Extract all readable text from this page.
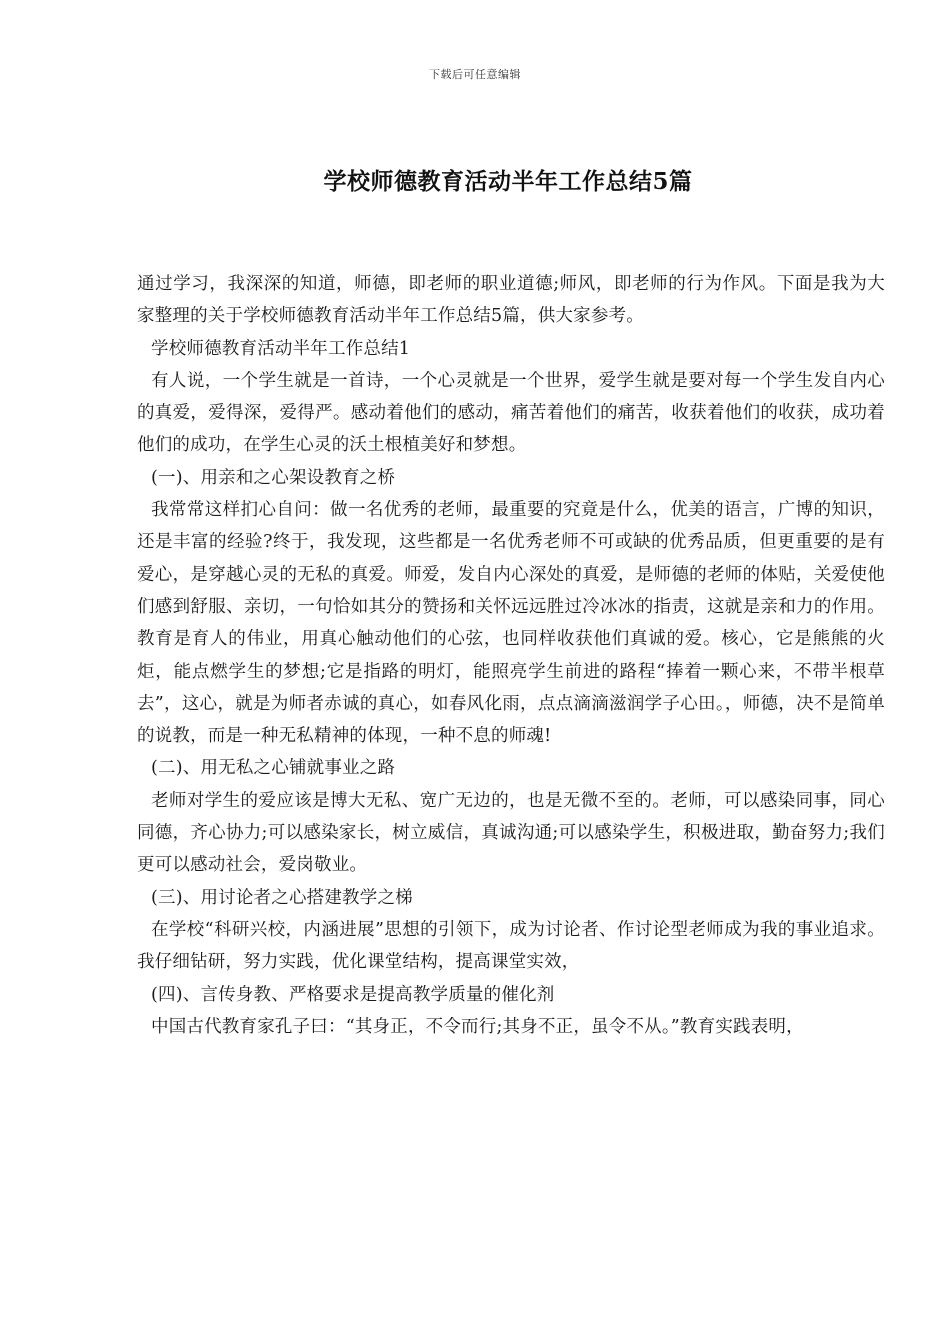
下载后可任意编辑
学校师德教育活动半年工作总结5篇

通过学习，我深深的知道，师德，即老师的职业道德;师风，即老师的行为作风。下面是我为大家整理的关于学校师德教育活动半年工作总结5篇，供大家参考。

学校师德教育活动半年工作总结1

有人说，一个学生就是一首诗，一个心灵就是一个世界，爱学生就是要对每一个学生发自内心的真爱，爱得深，爱得严。感动着他们的感动，痛苦着他们的痛苦，收获着他们的收获，成功着他们的成功，在学生心灵的沃土根植美好和梦想。

(一)、用亲和之心架设教育之桥

我常常这样扪心自问：做一名优秀的老师，最重要的究竟是什么，优美的语言，广博的知识，还是丰富的经验?终于，我发现，这些都是一名优秀老师不可或缺的优秀品质，但更重要的是有爱心，是穿越心灵的无私的真爱。师爱，发自内心深处的真爱，是师德的老师的体贴，关爱使他们感到舒服、亲切，一句恰如其分的赞扬和关怀远远胜过冷冰冰的指责，这就是亲和力的作用。教育是育人的伟业，用真心触动他们的心弦，也同样收获他们真诚的爱。核心，它是熊熊的火炬，能点燃学生的梦想;它是指路的明灯，能照亮学生前进的路程“捧着一颗心来，不带半根草去”，这心，就是为师者赤诚的真心，如春风化雨，点点滴滴滋润学子心田。，师德，决不是简单的说教，而是一种无私精神的体现，一种不息的师魂!

(二)、用无私之心铺就事业之路

老师对学生的爱应该是博大无私、宽广无边的，也是无微不至的。老师，可以感染同事，同心同德，齐心协力;可以感染家长，树立威信，真诚沟通;可以感染学生，积极进取，勤奋努力;我们更可以感动社会，爱岗敬业。

(三)、用讨论者之心搭建教学之梯

在学校“科研兴校，内涵进展”思想的引领下，成为讨论者、作讨论型老师成为我的事业追求。我仔细钻研，努力实践，优化课堂结构，提高课堂实效，

(四)、言传身教、严格要求是提高教学质量的催化剂

中国古代教育家孔子曰：“其身正，不令而行;其身不正，虽令不从。”教育实践表明，
